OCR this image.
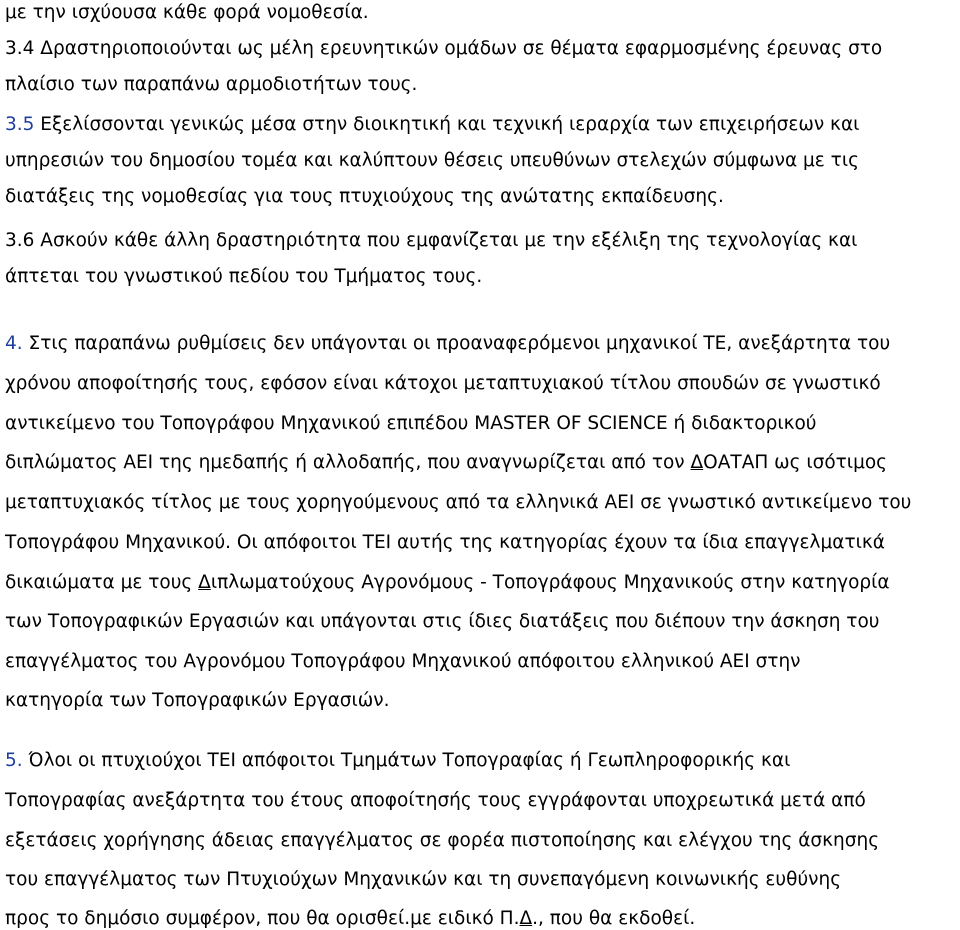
με την ισχύουσα κάθε φορά νομοθεσία.
3.4 Δραστηριοποιούνται ως μέλη ερευνητικών ομάδων σε θέματα εφαρμοσμένης έρευνας στο
πλαίσιο των παραπάνω αρμοδιοτήτων τους.
3.5 Εξελίσσονται γενικώς μέσα στην διοικητική και τεχνική ιεραρχία των επιχειρήσεων και
υπηρεσιών του δημοσίου τομέα και καλύπτουν θέσεις υπευθύνων στελεχών σύμφωνα με τις
διατάξεις της νομοθεσίας για τους πτυχιούχους της ανώτατης εκπαίδευσης.
3.6 Ασκούν κάθε άλλη δραστηριότητα που εμφανίζεται με την εξέλιξη της τεχνολογίας και
άπτεται του γνωστικού πεδίου του Τμήματος τους.
4. Στις παραπάνω ρυθμίσεις δεν υπάγονται οι προαναφερόμενοι μηχανικοί ΤΕ, ανεξάρτητα του
χρόνου αποφοίτησής τους, εφόσον είναι κάτοχοι μεταπτυχιακού τίτλου σπουδών σε γνωστικό
αντικείμενο του Τοπογράφου Μηχανικού επιπέδου MASTER OF SCIENCE ή διδακτορικού
διπλώματος ΑΕΙ της ημεδαπής ή αλλοδαπής, που αναγνωρίζεται από τον ΔΟΑΤΑΠ ως ισότιμος
μεταπτυχιακός τίτλος με τους χορηγούμενους από τα ελληνικά ΑΕΙ σε γνωστικό αντικείμενο του
Τοπογράφου Μηχανικού. Οι απόφοιτοι ΤΕΙ αυτής της κατηγορίας έχουν τα ίδια επαγγελματικά
δικαιώματα με τους Διπλωματούχους Αγρονόμους - Τοπογράφους Μηχανικούς στην κατηγορία
των Τοπογραφικών Εργασιών και υπάγονται στις ίδιες διατάξεις που διέπουν την άσκηση του
επαγγέλματος του Αγρονόμου Τοπογράφου Μηχανικού απόφοιτου ελληνικού ΑΕΙ στην
κατηγορία των Τοπογραφικών Εργασιών.
5. Όλοι οι πτυχιούχοι ΤΕΙ απόφοιτοι Τμημάτων Τοπογραφίας ή Γεωπληροφορικής και
Τοπογραφίας ανεξάρτητα του έτους αποφοίτησής τους εγγράφονται υποχρεωτικά μετά από
εξετάσεις χορήγησης άδειας επαγγέλματος σε φορέα πιστοποίησης και ελέγχου της άσκησης
του επαγγέλματος των Πτυχιούχων Μηχανικών και τη συνεπαγόμενη κοινωνικής ευθύνης
προς το δημόσιο συμφέρον, που θα ορισθεί.με ειδικό Π.Δ., που θα εκδοθεί.
